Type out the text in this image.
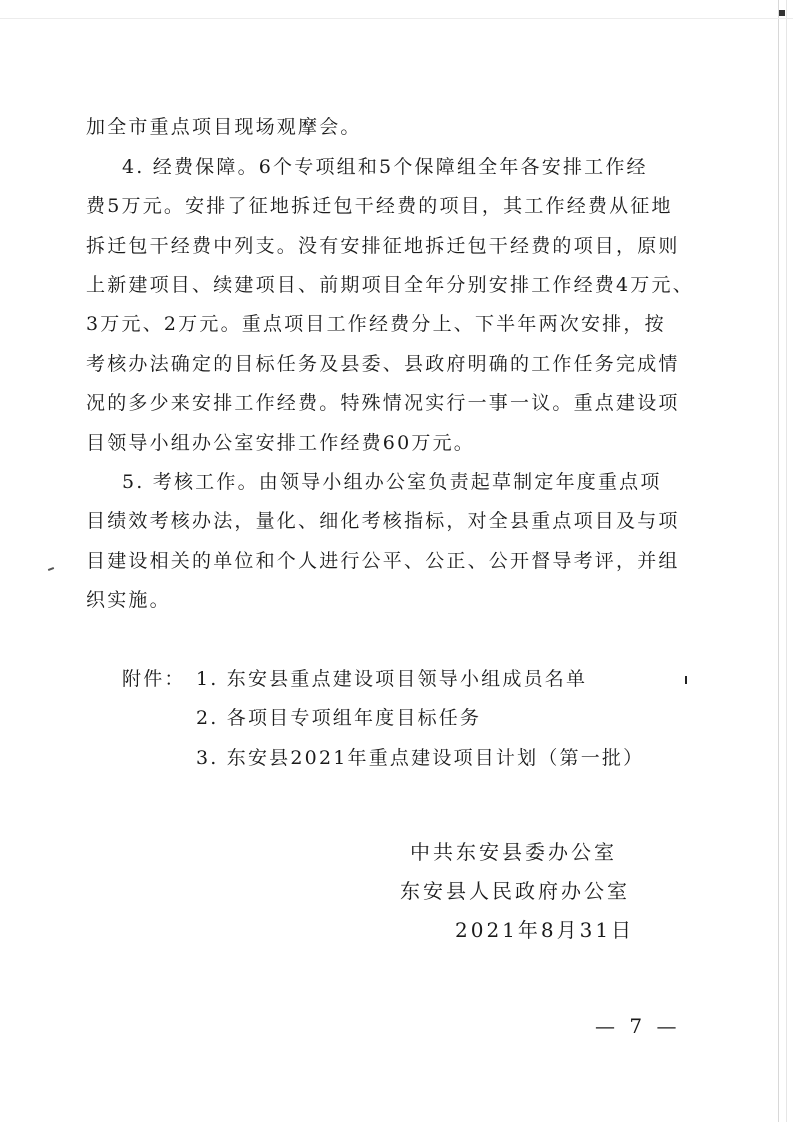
加全市重点项目现场观摩会。
4. 经费保障。6个专项组和5个保障组全年各安排工作经
费5万元。安排了征地拆迁包干经费的项目，其工作经费从征地
拆迁包干经费中列支。没有安排征地拆迁包干经费的项目，原则
上新建项目、续建项目、前期项目全年分别安排工作经费4万元、
3万元、2万元。重点项目工作经费分上、下半年两次安排，按
考核办法确定的目标任务及县委、县政府明确的工作任务完成情
况的多少来安排工作经费。特殊情况实行一事一议。重点建设项
目领导小组办公室安排工作经费60万元。
5. 考核工作。由领导小组办公室负责起草制定年度重点项
目绩效考核办法，量化、细化考核指标，对全县重点项目及与项
目建设相关的单位和个人进行公平、公正、公开督导考评，并组
织实施。
附件： 1. 东安县重点建设项目领导小组成员名单
2. 各项目专项组年度目标任务
3. 东安县2021年重点建设项目计划（第一批）
中共东安县委办公室
东安县人民政府办公室
2021年8月31日
— 7 —
